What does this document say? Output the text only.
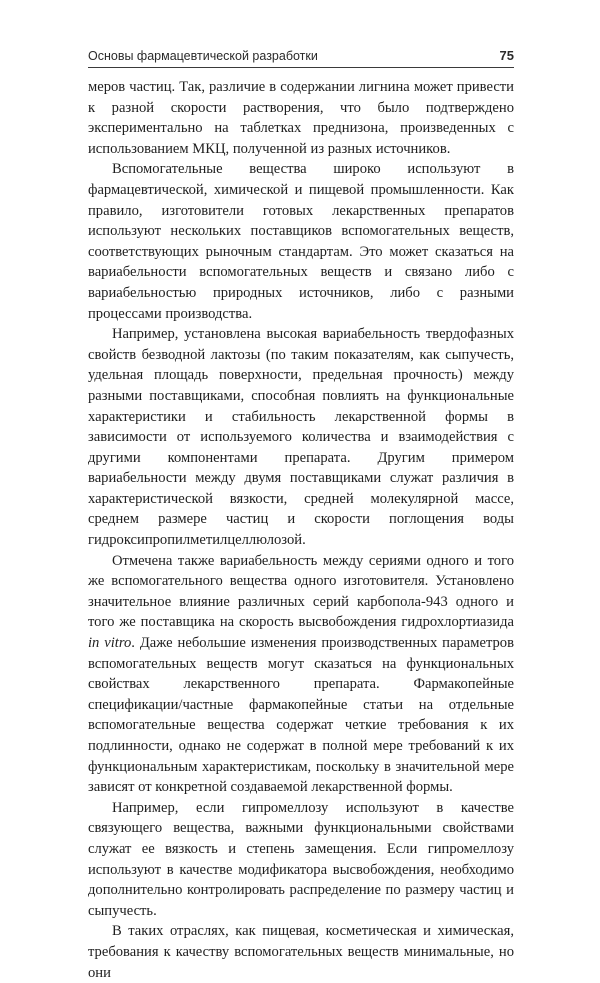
Основы фармацевтической разработки	75

меров частиц. Так, различие в содержании лигнина может привести к разной скорости растворения, что было подтверждено экспериментально на таблетках преднизона, произведенных с использованием МКЦ, полученной из разных источников.

Вспомогательные вещества широко используют в фармацевтической, химической и пищевой промышленности. Как правило, изготовители готовых лекарственных препаратов используют нескольких поставщиков вспомогательных веществ, соответствующих рыночным стандартам. Это может сказаться на вариабельности вспомогательных веществ и связано либо с вариабельностью природных источников, либо с разными процессами производства.

Например, установлена высокая вариабельность твердофазных свойств безводной лактозы (по таким показателям, как сыпучесть, удельная площадь поверхности, предельная прочность) между разными поставщиками, способная повлиять на функциональные характеристики и стабильность лекарственной формы в зависимости от используемого количества и взаимодействия с другими компонентами препарата. Другим примером вариабельности между двумя поставщиками служат различия в характеристической вязкости, средней молекулярной массе, среднем размере частиц и скорости поглощения воды гидроксипропилметилцеллюлозой.

Отмечена также вариабельность между сериями одного и того же вспомогательного вещества одного изготовителя. Установлено значительное влияние различных серий карбопола-943 одного и того же поставщика на скорость высвобождения гидрохлортиазида in vitro. Даже небольшие изменения производственных параметров вспомогательных веществ могут сказаться на функциональных свойствах лекарственного препарата. Фармакопейные спецификации/частные фармакопейные статьи на отдельные вспомогательные вещества содержат четкие требования к их подлинности, однако не содержат в полной мере требований к их функциональным характеристикам, поскольку в значительной мере зависят от конкретной создаваемой лекарственной формы.

Например, если гипромеллозу используют в качестве связующего вещества, важными функциональными свойствами служат ее вязкость и степень замещения. Если гипромеллозу используют в качестве модификатора высвобождения, необходимо дополнительно контролировать распределение по размеру частиц и сыпучесть.

В таких отраслях, как пищевая, косметическая и химическая, требования к качеству вспомогательных веществ минимальные, но они
